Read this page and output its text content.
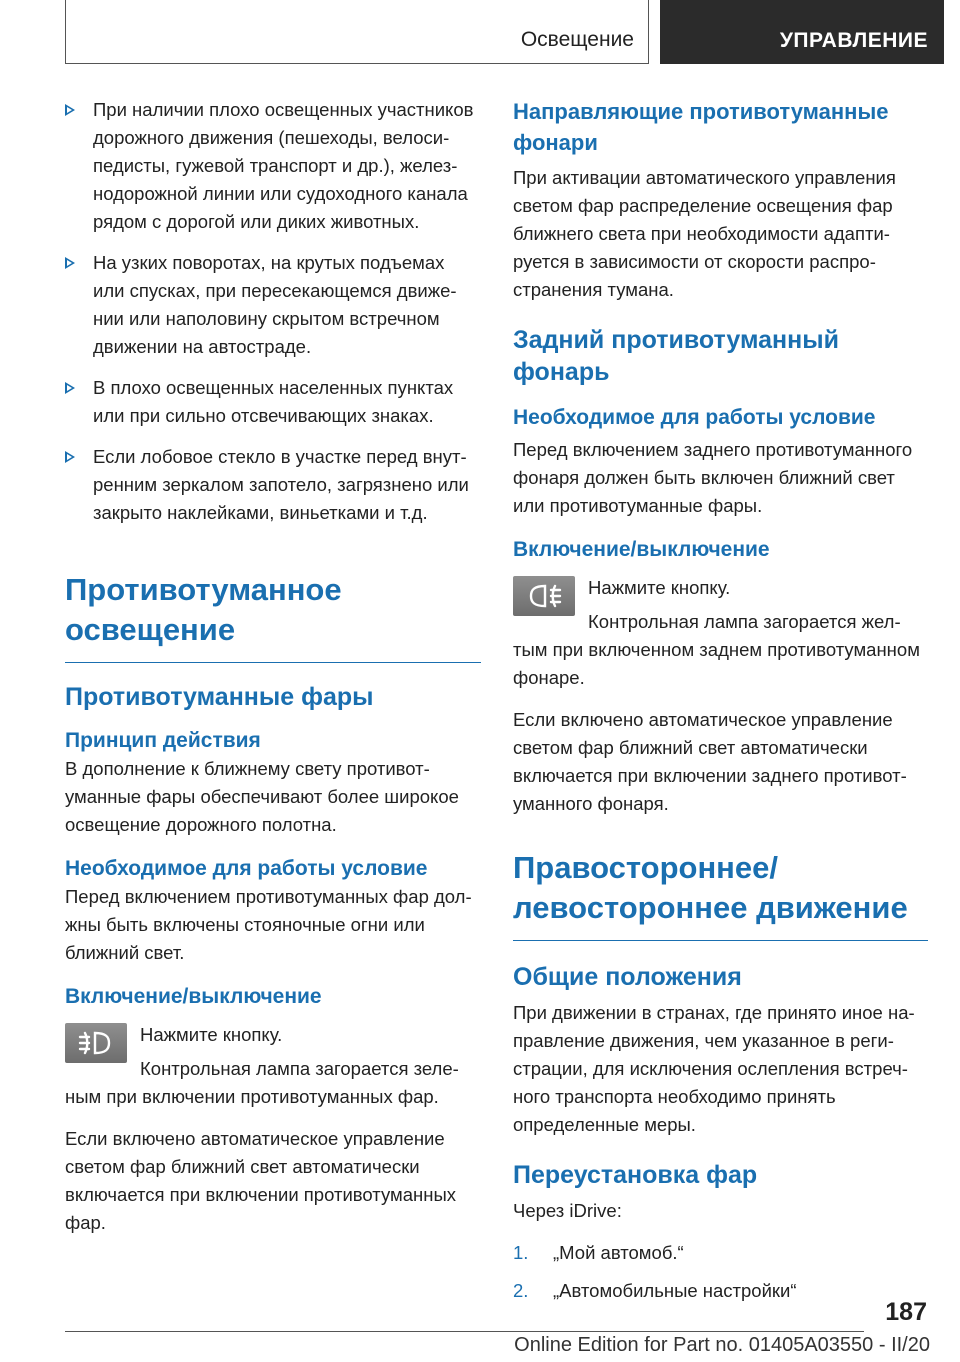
Освещение	УПРАВЛЕНИЕ
При наличии плохо освещенных участников дорожного движения (пешеходы, велосипедисты, гужевой транспорт и др.), железнодорожной линии или судоходного канала рядом с дорогой или диких животных.
На узких поворотах, на крутых подъемах или спусках, при пересекающемся движении или наполовину скрытом встречном движении на автостраде.
В плохо освещенных населенных пунктах или при сильно отсвечивающих знаках.
Если лобовое стекло в участке перед внутренним зеркалом запотело, загрязнено или закрыто наклейками, виньетками и т.д.
Противотуманное освещение
Противотуманные фары
Принцип действия

В дополнение к ближнему свету противотуманные фары обеспечивают более широкое освещение дорожного полотна.

Необходимое для работы условие

Перед включением противотуманных фар должны быть включены стояночные огни или ближний свет.

Включение/выключение

Нажмите кнопку.

Контрольная лампа загорается зеленым при включении противотуманных фар.

Если включено автоматическое управление светом фар ближний свет автоматически включается при включении противотуманных фар.

Направляющие противотуманные фонари

При активации автоматического управления светом фар распределение освещения фар ближнего света при необходимости адаптируется в зависимости от скорости распространения тумана.

Задний противотуманный фонарь
Необходимое для работы условие

Перед включением заднего противотуманного фонаря должен быть включен ближний свет или противотуманные фары.

Включение/выключение

Нажмите кнопку.

Контрольная лампа загорается желтым при включенном заднем противотуманном фонаре.

Если включено автоматическое управление светом фар ближний свет автоматически включается при включении заднего противотуманного фонаря.

Правостороннее/ левостороннее движение
Общие положения

При движении в странах, где принято иное направление движения, чем указанное в регистрации, для исключения ослепления встречного транспорта необходимо принять определенные меры.

Переустановка фар

Через iDrive:

1. „Мой автомоб.“
2. „Автомобильные настройки“
187
Online Edition for Part no. 01405A03550 - II/20
